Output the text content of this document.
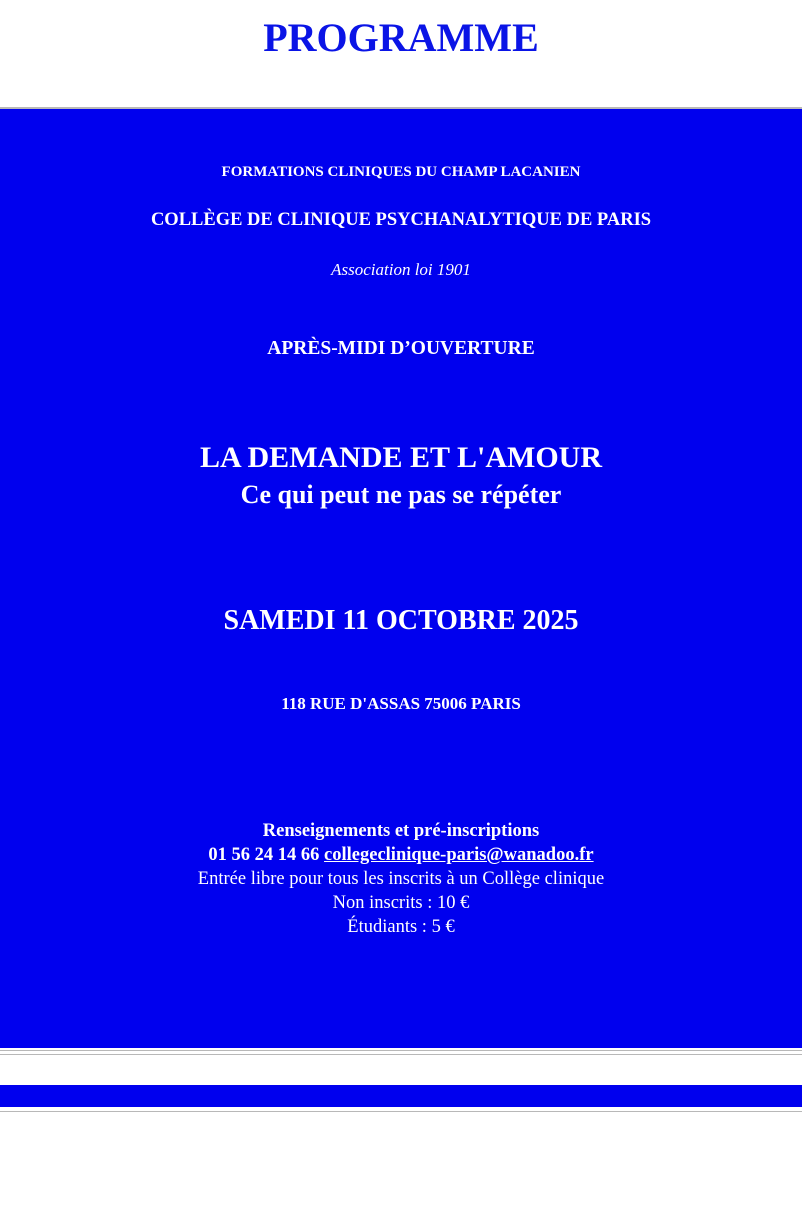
PROGRAMME
FORMATIONS CLINIQUES DU CHAMP LACANIEN
COLLÈGE DE CLINIQUE PSYCHANALYTIQUE DE PARIS
Association loi 1901
APRÈS-MIDI D’OUVERTURE
LA DEMANDE ET L'AMOUR
Ce qui peut ne pas se répéter
SAMEDI 11 OCTOBRE 2025
118 RUE D'ASSAS 75006 PARIS
Renseignements et pré-inscriptions
01 56 24 14 66 collegeclinique-paris@wanadoo.fr
Entrée libre pour tous les inscrits à un Collège clinique
Non inscrits : 10 €
Étudiants : 5 €
